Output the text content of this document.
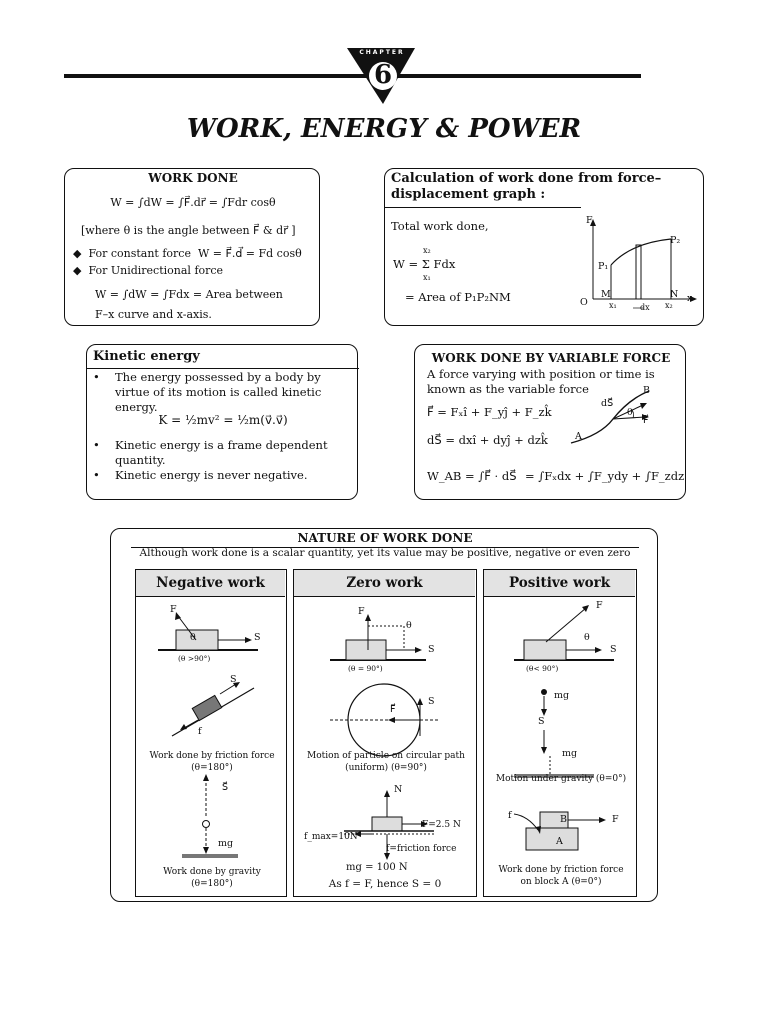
CHAPTER
6
WORK, ENERGY & POWER
WORK DONE
W = ∫dW = ∫F⃗.dr⃗ = ∫Fdr cosθ
[where θ is the angle between F⃗ & dr⃗ ]
◆  For constant force W = F⃗.d⃗ = Fd cosθ
◆  For Unidirectional force
W = ∫dW = ∫Fdx = Area between
F–x curve and x-axis.
Calculation of work done from force– displacement graph :
Total work done,
x₂
W = Σ Fdx
x₁
= Area of P₁P₂NM
F
P₁
P₂
M	N
O	x₁	dx x₂
x
Kinetic energy
• The energy possessed by a body by virtue of its motion is called kinetic energy.
K = ½mv² = ½m(v⃗.v⃗)
• Kinetic energy is a frame dependent quantity.
• Kinetic energy is never negative.
WORK DONE BY VARIABLE FORCE
A force varying with position or time is known as the variable force
F⃗ = Fₓî + F_yĵ + F_zk̂
dS⃗ = dxî + dyĵ + dzk̂
W_AB = ∫F⃗ · dS⃗ = ∫Fₓdx + ∫F_ydy + ∫F_zdz
A
B
dS⃗
θ
F⃗
NATURE OF WORK DONE
Although work done is a scalar quantity, yet its value may be positive, negative or even zero
Negative work
F
θ	S
(θ >90°)
S
f
Work done by friction force (θ=180°)
S⃗
mg
Work done by gravity (θ=180°)
Zero work
F
θ
S
(θ = 90°)
F⃗
S
Motion of particle on circular path (uniform) (θ=90°)
N
f_max=10N
F=2.5 N
f=friction force
mg = 100 N
As f = F, hence S = 0
Positive work
F
θ
S
(θ< 90°)
mg
S
mg
Motion under gravity (θ=0°)
f	F
B
A
Work done by friction force on block A (θ=0°)
